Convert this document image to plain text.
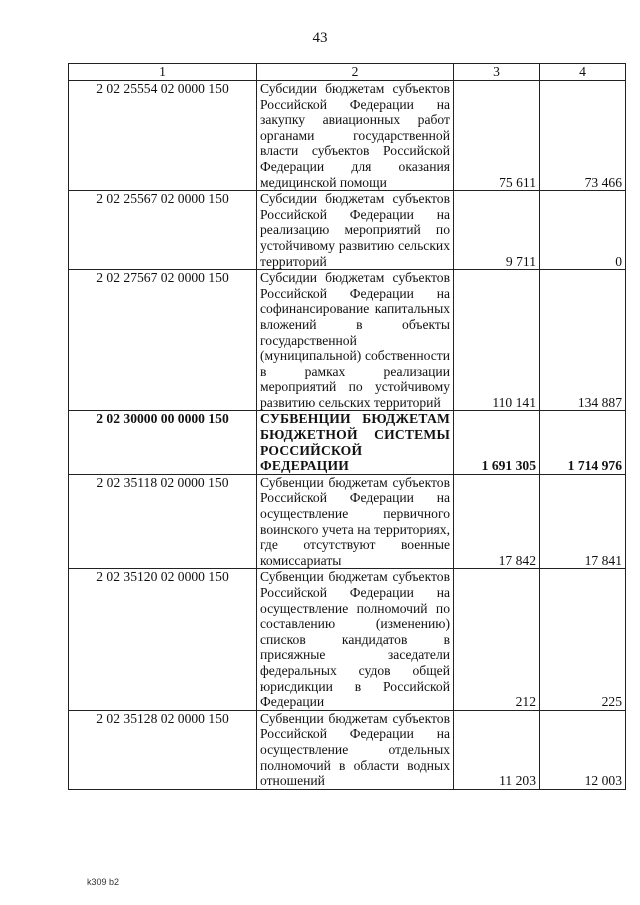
43
1	2	3	4
2 02 25554 02 0000 150	Субсидии бюджетам субъектов Российской Федерации на закупку авиационных работ органами государственной власти субъектов Российской Федерации для оказания медицинской помощи	75 611	73 466
2 02 25567 02 0000 150	Субсидии бюджетам субъектов Российской Федерации на реализацию мероприятий по устойчивому развитию сельских территорий	9 711	0
2 02 27567 02 0000 150	Субсидии бюджетам субъектов Российской Федерации на софинансирование капитальных вложений в объекты государственной (муниципальной) собственности в рамках реализации мероприятий по устойчивому развитию сельских территорий	110 141	134 887
2 02 30000 00 0000 150	СУБВЕНЦИИ БЮДЖЕТАМ БЮДЖЕТНОЙ СИСТЕМЫ РОССИЙСКОЙ ФЕДЕРАЦИИ	1 691 305	1 714 976
2 02 35118 02 0000 150	Субвенции бюджетам субъектов Российской Федерации на осуществление первичного воинского учета на территориях, где отсутствуют военные комиссариаты	17 842	17 841
2 02 35120 02 0000 150	Субвенции бюджетам субъектов Российской Федерации на осуществление полномочий по составлению (изменению) списков кандидатов в присяжные заседатели федеральных судов общей юрисдикции в Российской Федерации	212	225
2 02 35128 02 0000 150	Субвенции бюджетам субъектов Российской Федерации на осуществление отдельных полномочий в области водных отношений	11 203	12 003
k309 b2
